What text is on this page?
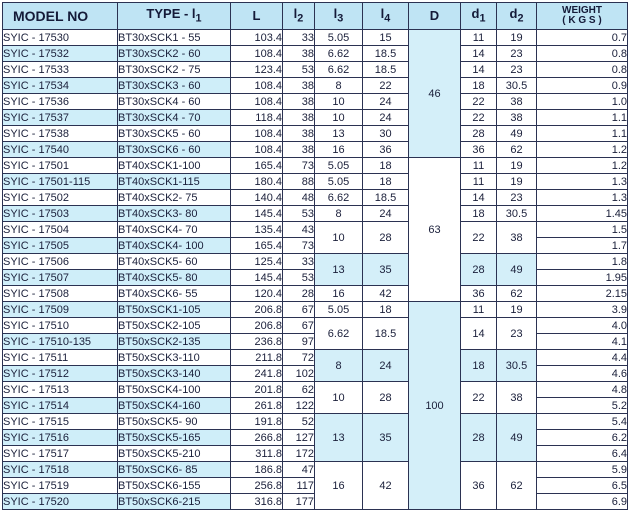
MODEL NO	TYPE - $l_1$	L	$l_2$	$l_3$	$l_4$	D	$d_1$	$d_2$	WEIGHT
( K G S )
SYIC - 17530	BT30xSCK1 - 55	103.4	33	5.05	15	46	11	19	0.7
SYIC - 17532	BT30xSCK2 - 60	108.4	38	6.62	18.5		14	23	0.8
SYIC - 17533	BT30xSCK2 - 75	123.4	53	6.62	18.5		14	23	0.8
SYIC - 17534	BT30xSCK3 - 60	108.4	38	8	22		18	30.5	0.9
SYIC - 17536	BT30xSCK4 - 60	108.4	38	10	24		22	38	1.0
SYIC - 17537	BT30xSCK4 - 70	118.4	38	10	24		22	38	1.1
SYIC - 17538	BT30xSCK5 - 60	108.4	38	13	30		28	49	1.1
SYIC - 17540	BT30xSCK6 - 60	108.4	38	16	36		36	62	1.2
SYIC - 17501	BT40xSCK1-100	165.4	73	5.05	18	63	11	19	1.2
SYIC - 17501-115	BT40xSCK1-115	180.4	88	5.05	18		11	19	1.3
SYIC - 17502	BT40xSCK2- 75	140.4	48	6.62	18.5		14	23	1.3
SYIC - 17503	BT40xSCK3- 80	145.4	53	8	24		18	30.5	1.45
SYIC - 17504	BT40xSCK4- 70	135.4	43	10	28		22	38	1.5
SYIC - 17505	BT40xSCK4- 100	165.4	73						1.7
SYIC - 17506	BT40xSCK5- 60	125.4	33	13	35		28	49	1.8
SYIC - 17507	BT40xSCK5- 80	145.4	53						1.95
SYIC - 17508	BT40xSCK6- 55	120.4	28	16	42		36	62	2.15
SYIC - 17509	BT50xSCK1-105	206.8	67	5.05	18	100	11	19	3.9
SYIC - 17510	BT50xSCK2-105	206.8	67	6.62	18.5		14	23	4.0
SYIC - 17510-135	BT50xSCK2-135	236.8	97						4.1
SYIC - 17511	BT50xSCK3-110	211.8	72	8	24		18	30.5	4.4
SYIC - 17512	BT50xSCK3-140	241.8	102						4.6
SYIC - 17513	BT50xSCK4-100	201.8	62	10	28		22	38	4.8
SYIC - 17514	BT50xSCK4-160	261.8	122						5.2
SYIC - 17515	BT50xSCK5- 90	191.8	52	13	35		28	49	5.4
SYIC - 17516	BT50xSCK5-165	266.8	127						6.2
SYIC - 17517	BT50xSCK5-210	311.8	172						6.4
SYIC - 17518	BT50xSCK6- 85	186.8	47	16	42		36	62	5.9
SYIC - 17519	BT50xSCK6-155	256.8	117						6.5
SYIC - 17520	BT50xSCK6-215	316.8	177						6.9
